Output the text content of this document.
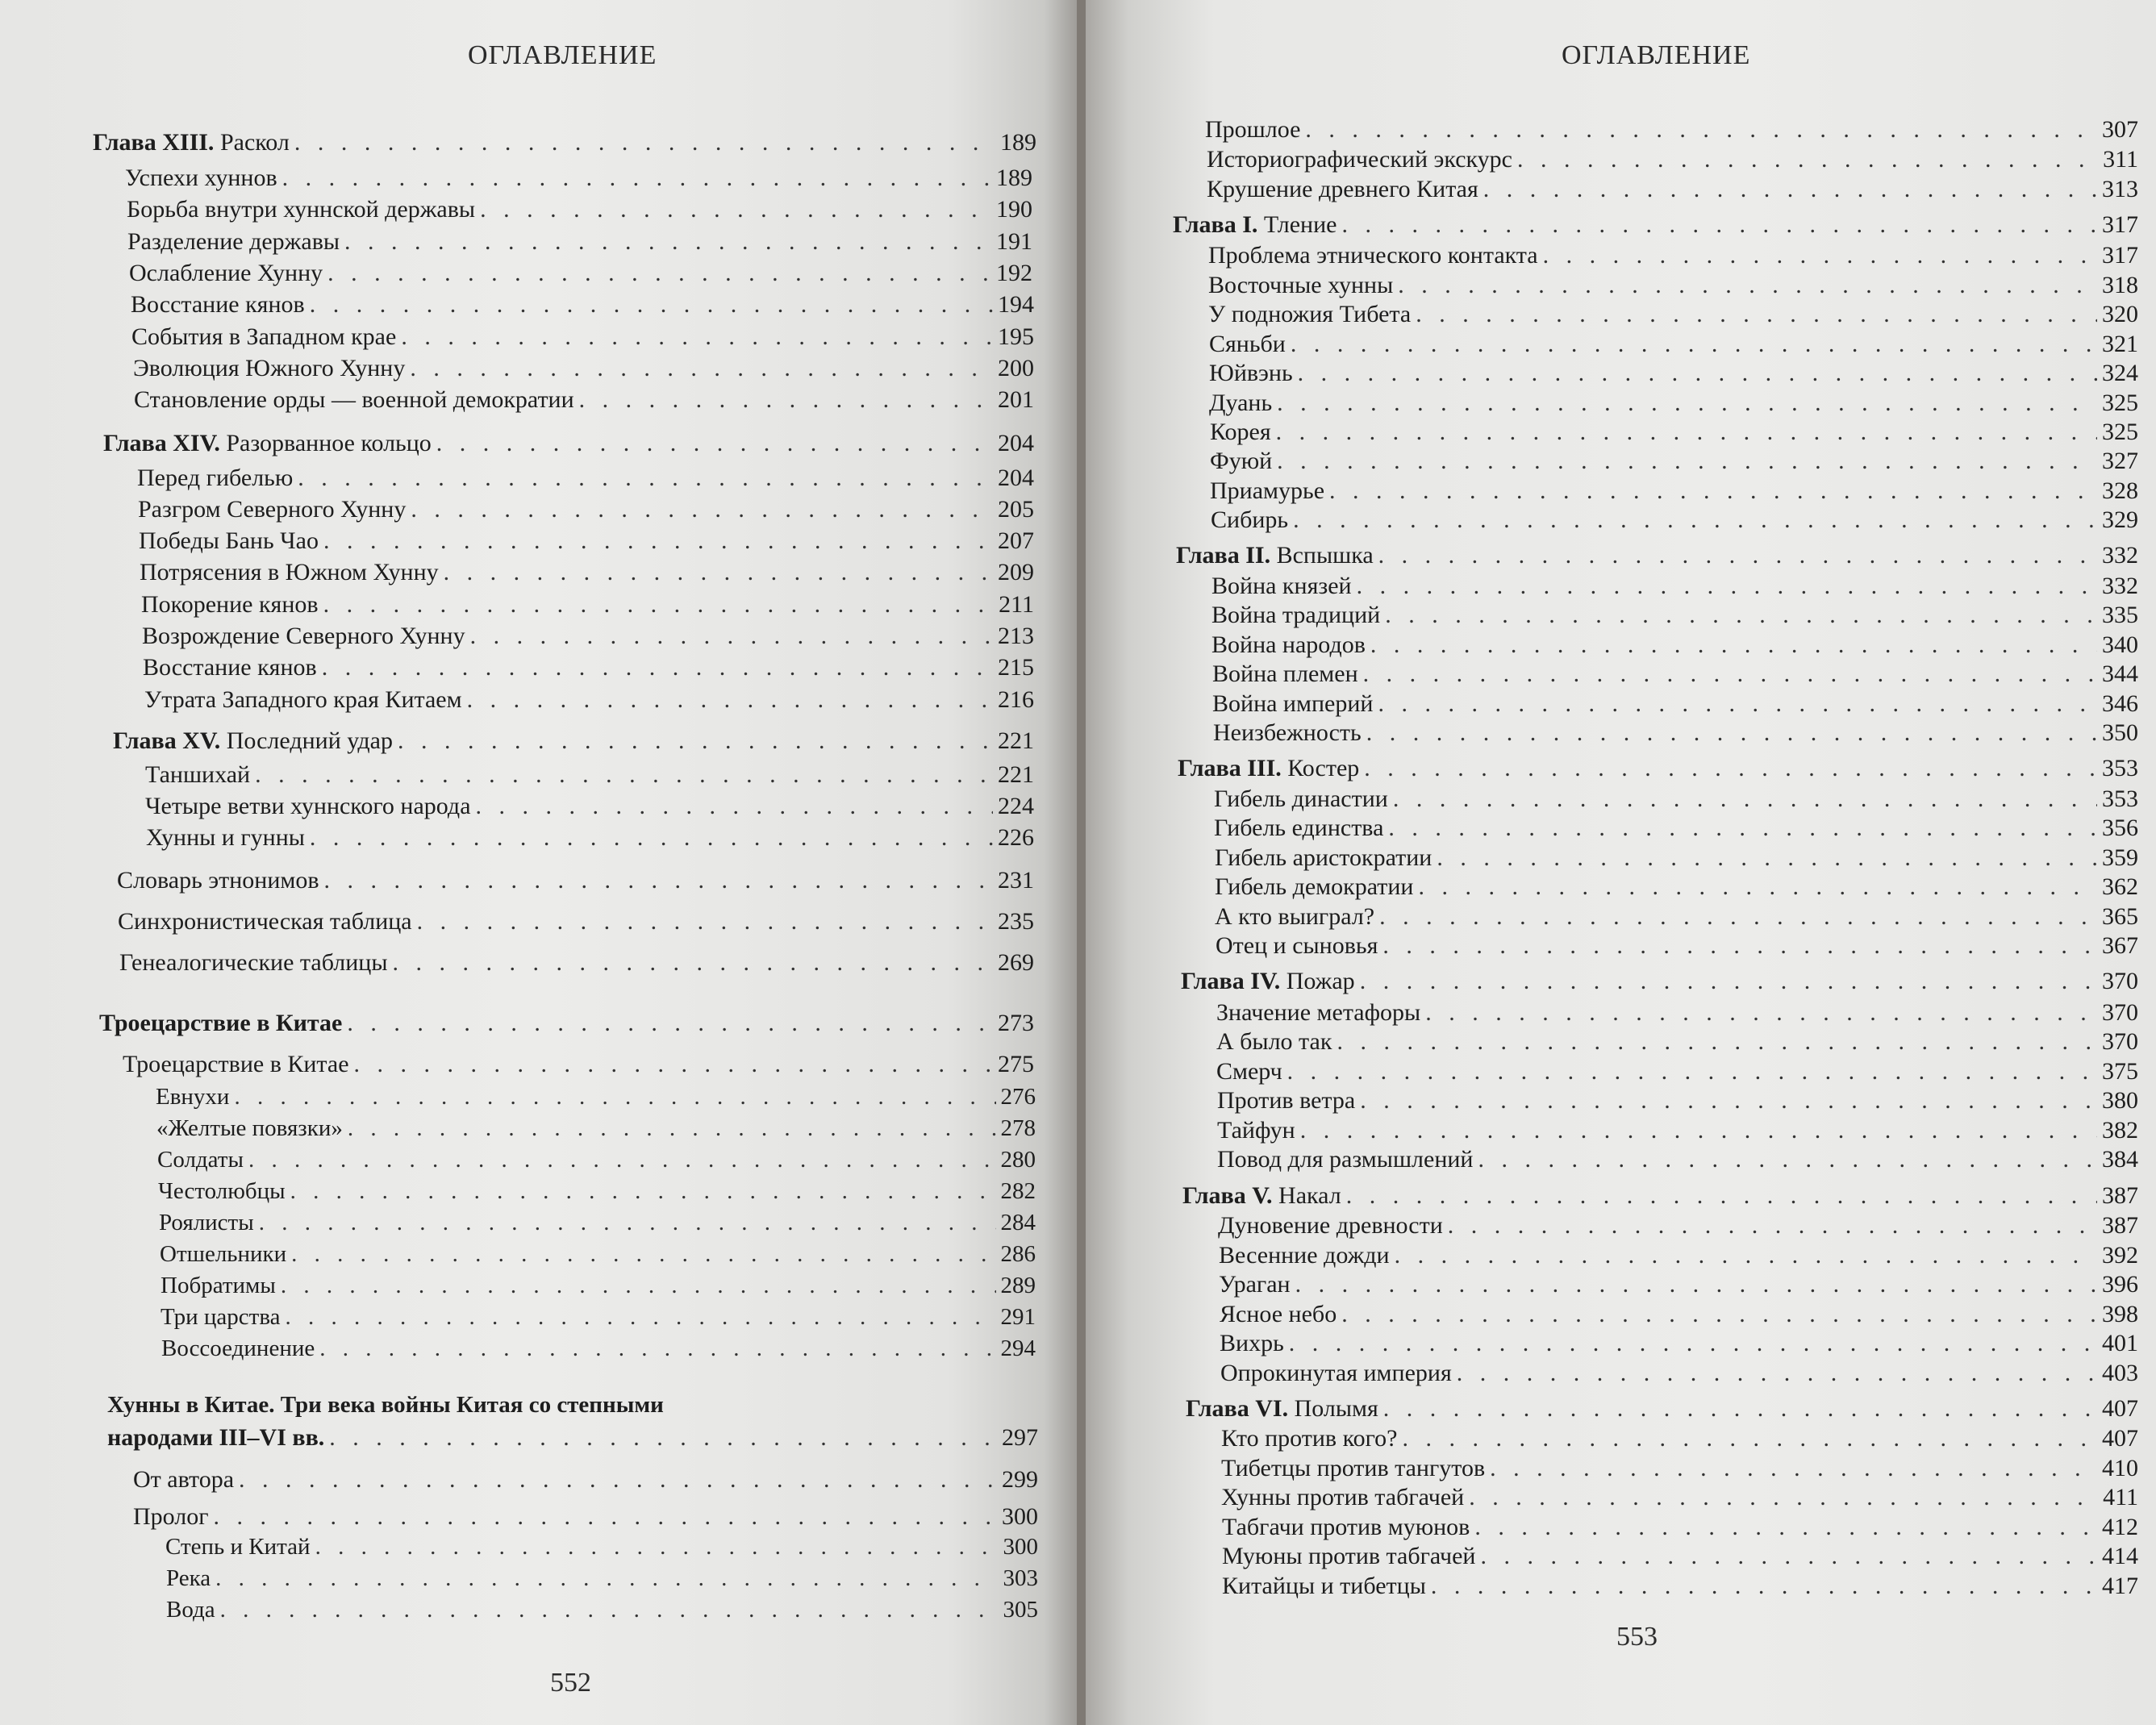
ОГЛАВЛЕНИЕ
Глава XIII. Раскол . . .	189
Успехи хуннов . . .	189
Борьба внутри хуннской державы . . .	190
Разделение державы . . .	191
Ослабление Хунну . . .	192
Восстание кянов . . .	194
События в Западном крае . . .	195
Эволюция Южного Хунну . . .	200
Становление орды — военной демократии . . .	201
Глава XIV. Разорванное кольцо . . .	204
Перед гибелью . . .	204
Разгром Северного Хунну . . .	205
Победы Бань Чао . . .	207
Потрясения в Южном Хунну . . .	209
Покорение кянов . . .	211
Возрождение Северного Хунну . . .	213
Восстание кянов . . .	215
Утрата Западного края Китаем . . .	216
Глава XV. Последний удар . . .	221
Таншихай . . .	221
Четыре ветви хуннского народа . . .	224
Хунны и гунны . . .	226
Словарь этнонимов . . .	231
Синхронистическая таблица . . .	235
Генеалогические таблицы . . .	269
Троецарствие в Китае . . .	273
Троецарствие в Китае . . .	275
Евнухи . . .	276
«Желтые повязки» . . .	278
Солдаты . . .	280
Честолюбцы . . .	282
Роялисты . . .	284
Отшельники . . .	286
Побратимы . . .	289
Три царства . . .	291
Воссоединение . . .	294
Хунны в Китае. Три века войны Китая со степными
народами III–VI вв. . . .	297
От автора . . .	299
Пролог . . .	300
Степь и Китай . . .	300
Река . . .	303
Вода . . .	305
552
ОГЛАВЛЕНИЕ
Прошлое . . .	307
Историографический экскурс . . .	311
Крушение древнего Китая . . .	313
Глава I. Тление . . .	317
Проблема этнического контакта . . .	317
Восточные хунны . . .	318
У подножия Тибета . . .	320
Сяньби . . .	321
Юйвэнь . . .	324
Дуань . . .	325
Корея . . .	325
Фуюй . . .	327
Приамурье . . .	328
Сибирь . . .	329
Глава II. Вспышка . . .	332
Война князей . . .	332
Война традиций . . .	335
Война народов . . .	340
Война племен . . .	344
Война империй . . .	346
Неизбежность . . .	350
Глава III. Костер . . .	353
Гибель династии . . .	353
Гибель единства . . .	356
Гибель аристократии . . .	359
Гибель демократии . . .	362
А кто выиграл? . . .	365
Отец и сыновья . . .	367
Глава IV. Пожар . . .	370
Значение метафоры . . .	370
А было так . . .	370
Смерч . . .	375
Против ветра . . .	380
Тайфун . . .	382
Повод для размышлений . . .	384
Глава V. Накал . . .	387
Дуновение древности . . .	387
Весенние дожди . . .	392
Ураган . . .	396
Ясное небо . . .	398
Вихрь . . .	401
Опрокинутая империя . . .	403
Глава VI. Полымя . . .	407
Кто против кого? . . .	407
Тибетцы против тангутов . . .	410
Хунны против табгачей . . .	411
Табгачи против муюнов . . .	412
Муюны против табгачей . . .	414
Китайцы и тибетцы . . .	417
553
